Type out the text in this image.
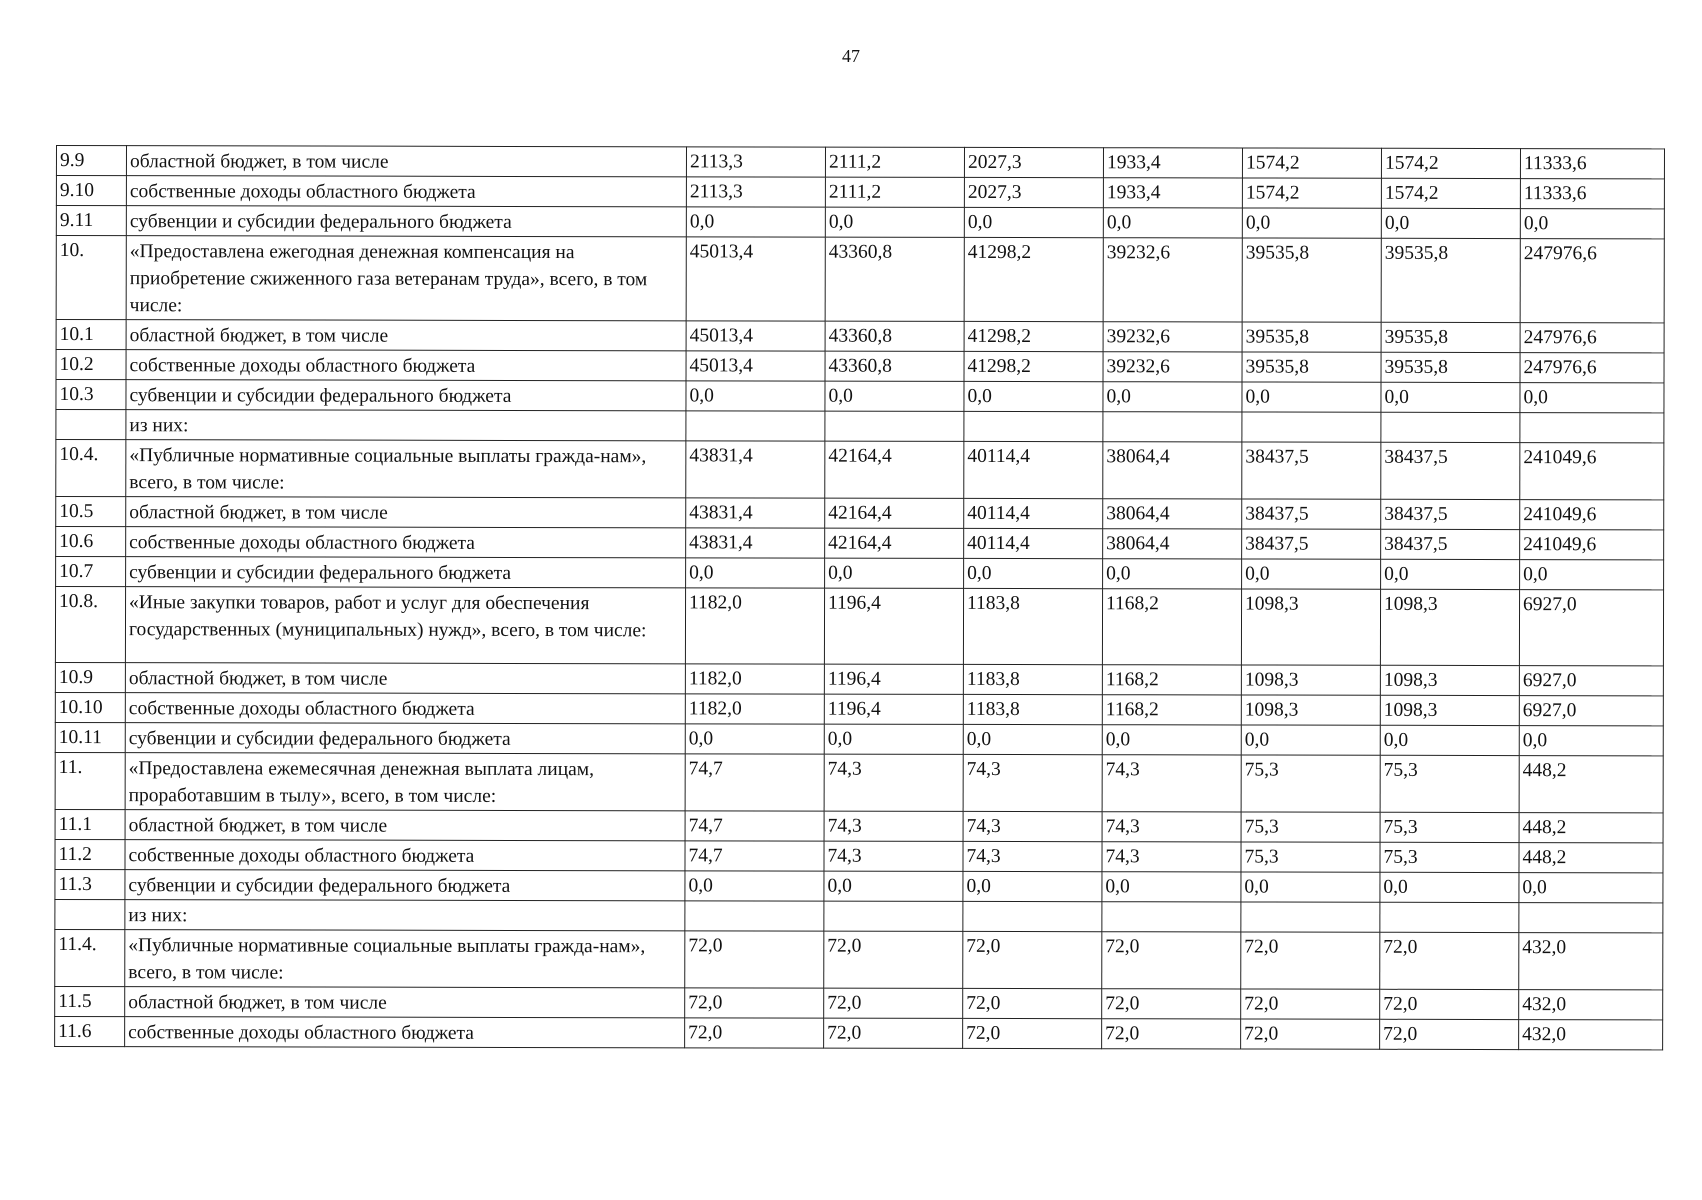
47
9.9	областной бюджет, в том числе	2113,3	2111,2	2027,3	1933,4	1574,2	1574,2	11333,6
9.10	собственные доходы областного бюджета	2113,3	2111,2	2027,3	1933,4	1574,2	1574,2	11333,6
9.11	субвенции и субсидии федерального бюджета	0,0	0,0	0,0	0,0	0,0	0,0	0,0
10.	«Предоставлена ежегодная денежная компенсация на приобретение сжиженного газа ветеранам труда», всего, в том числе:	45013,4	43360,8	41298,2	39232,6	39535,8	39535,8	247976,6
10.1	областной бюджет, в том числе	45013,4	43360,8	41298,2	39232,6	39535,8	39535,8	247976,6
10.2	собственные доходы областного бюджета	45013,4	43360,8	41298,2	39232,6	39535,8	39535,8	247976,6
10.3	субвенции и субсидии федерального бюджета	0,0	0,0	0,0	0,0	0,0	0,0	0,0
	из них:							
10.4.	«Публичные нормативные социальные выплаты граждa-нам», всего, в том числе:	43831,4	42164,4	40114,4	38064,4	38437,5	38437,5	241049,6
10.5	областной бюджет, в том числе	43831,4	42164,4	40114,4	38064,4	38437,5	38437,5	241049,6
10.6	собственные доходы областного бюджета	43831,4	42164,4	40114,4	38064,4	38437,5	38437,5	241049,6
10.7	субвенции и субсидии федерального бюджета	0,0	0,0	0,0	0,0	0,0	0,0	0,0
10.8.	«Иные закупки товаров, работ и услуг для обеспечения государственных (муниципальных) нужд», всего, в том числе:	1182,0	1196,4	1183,8	1168,2	1098,3	1098,3	6927,0
10.9	областной бюджет, в том числе	1182,0	1196,4	1183,8	1168,2	1098,3	1098,3	6927,0
10.10	собственные доходы областного бюджета	1182,0	1196,4	1183,8	1168,2	1098,3	1098,3	6927,0
10.11	субвенции и субсидии федерального бюджета	0,0	0,0	0,0	0,0	0,0	0,0	0,0
11.	«Предоставлена ежемесячная денежная выплата лицам, проработавшим в тылу», всего, в том числе:	74,7	74,3	74,3	74,3	75,3	75,3	448,2
11.1	областной бюджет, в том числе	74,7	74,3	74,3	74,3	75,3	75,3	448,2
11.2	собственные доходы областного бюджета	74,7	74,3	74,3	74,3	75,3	75,3	448,2
11.3	субвенции и субсидии федерального бюджета	0,0	0,0	0,0	0,0	0,0	0,0	0,0
	из них:							
11.4.	«Публичные нормативные социальные выплаты гражда-нам», всего, в том числе:	72,0	72,0	72,0	72,0	72,0	72,0	432,0
11.5	областной бюджет, в том числе	72,0	72,0	72,0	72,0	72,0	72,0	432,0
11.6	собственные доходы областного бюджета	72,0	72,0	72,0	72,0	72,0	72,0	432,0
